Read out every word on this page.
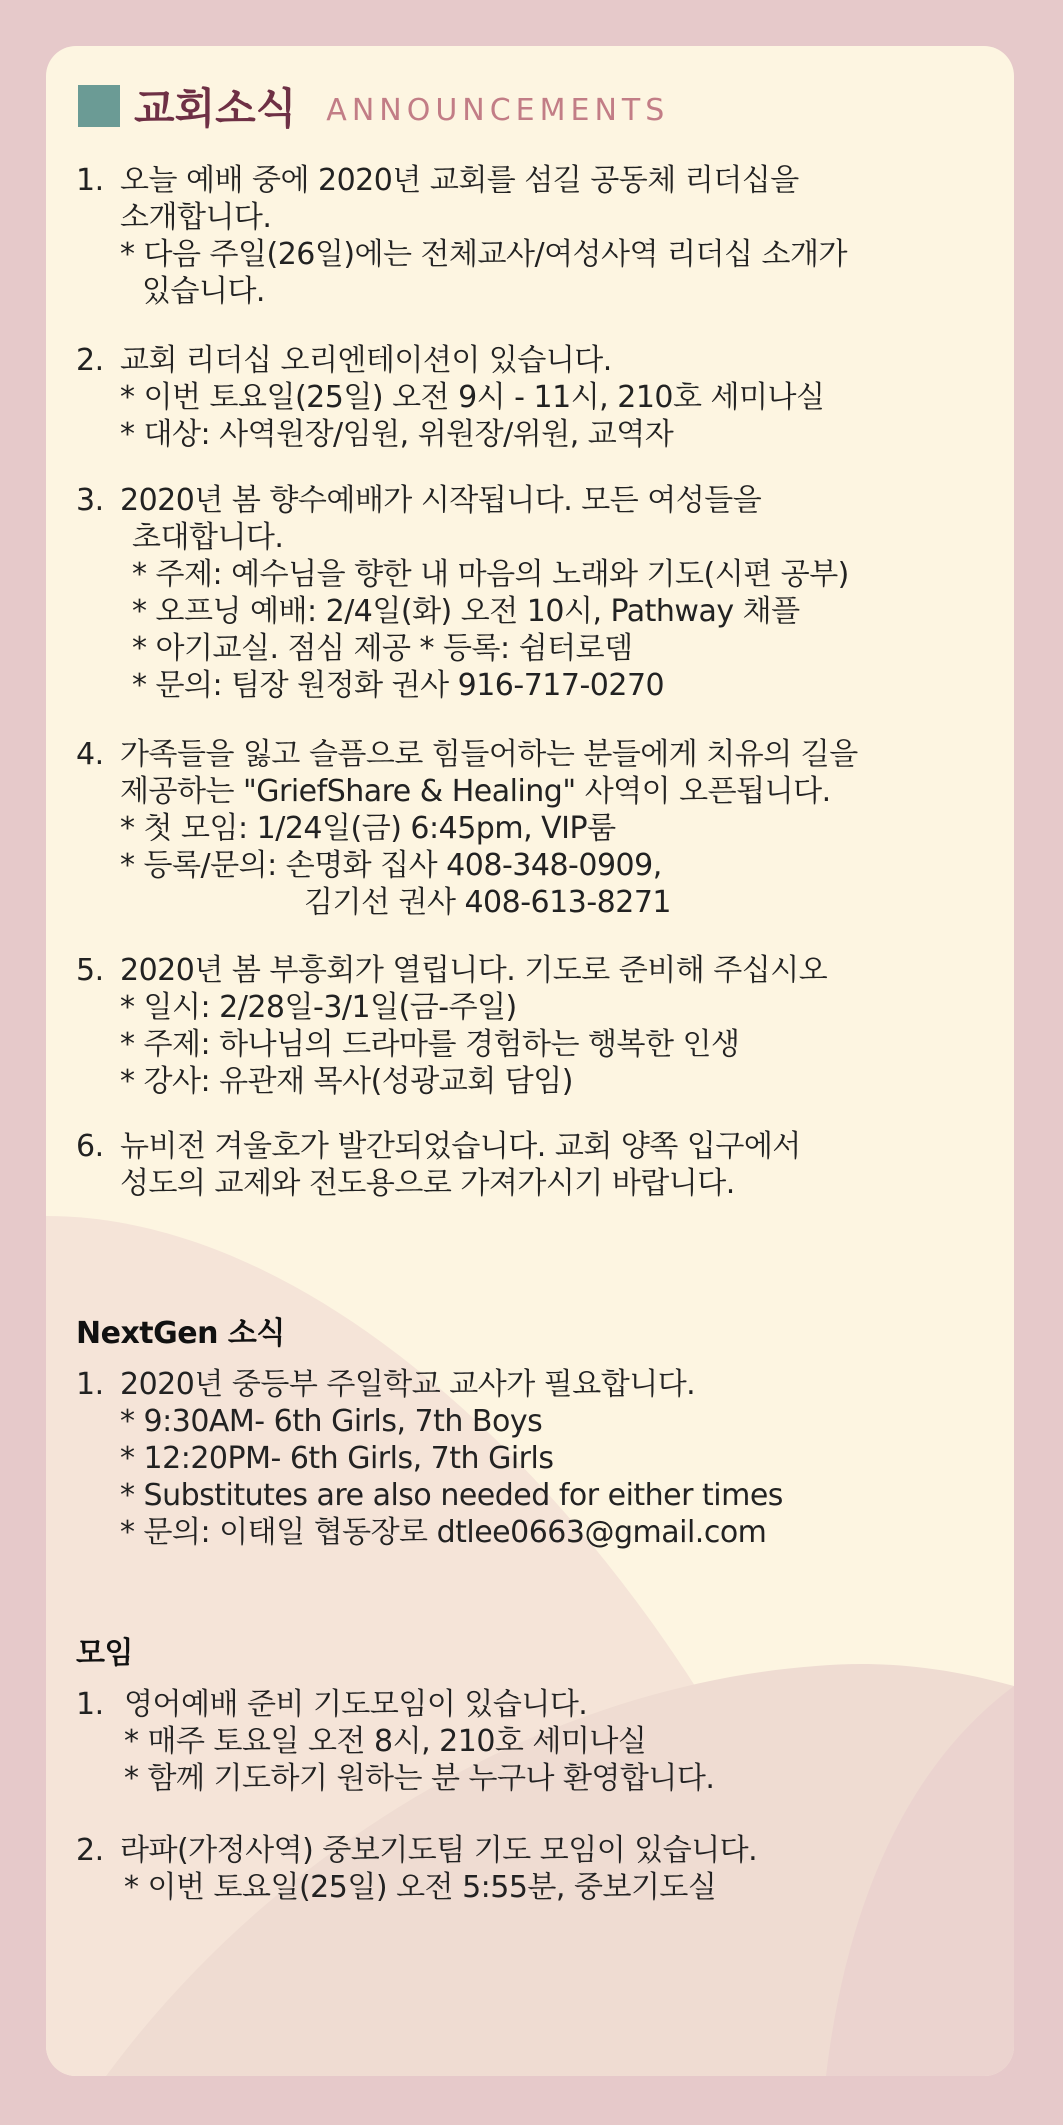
교회소식 ANNOUNCEMENTS
1. 오늘 예배 중에 2020년 교회를 섬길 공동체 리더십을
소개합니다.
* 다음 주일(26일)에는 전체교사/여성사역 리더십 소개가
있습니다.
2. 교회 리더십 오리엔테이션이 있습니다.
* 이번 토요일(25일) 오전 9시 - 11시, 210호 세미나실
* 대상: 사역원장/임원, 위원장/위원, 교역자
3. 2020년 봄 향수예배가 시작됩니다. 모든 여성들을
초대합니다.
* 주제: 예수님을 향한 내 마음의 노래와 기도(시편 공부)
* 오프닝 예배: 2/4일(화) 오전 10시, Pathway 채플
* 아기교실. 점심 제공 * 등록: 쉼터로뎀
* 문의: 팀장 원정화 권사 916-717-0270
4. 가족들을 잃고 슬픔으로 힘들어하는 분들에게 치유의 길을
제공하는 "GriefShare & Healing" 사역이 오픈됩니다.
* 첫 모임: 1/24일(금) 6:45pm, VIP룸
* 등록/문의: 손명화 집사 408-348-0909,
김기선 권사 408-613-8271
5. 2020년 봄 부흥회가 열립니다. 기도로 준비해 주십시오
* 일시: 2/28일-3/1일(금-주일)
* 주제: 하나님의 드라마를 경험하는 행복한 인생
* 강사: 유관재 목사(성광교회 담임)
6. 뉴비전 겨울호가 발간되었습니다. 교회 양쪽 입구에서
성도의 교제와 전도용으로 가져가시기 바랍니다.
NextGen 소식
1. 2020년 중등부 주일학교 교사가 필요합니다.
* 9:30AM- 6th Girls, 7th Boys
* 12:20PM- 6th Girls, 7th Girls
* Substitutes are also needed for either times
* 문의: 이태일 협동장로 dtlee0663@gmail.com
모임
1. 영어예배 준비 기도모임이 있습니다.
* 매주 토요일 오전 8시, 210호 세미나실
* 함께 기도하기 원하는 분 누구나 환영합니다.
2. 라파(가정사역) 중보기도팀 기도 모임이 있습니다.
* 이번 토요일(25일) 오전 5:55분, 중보기도실
